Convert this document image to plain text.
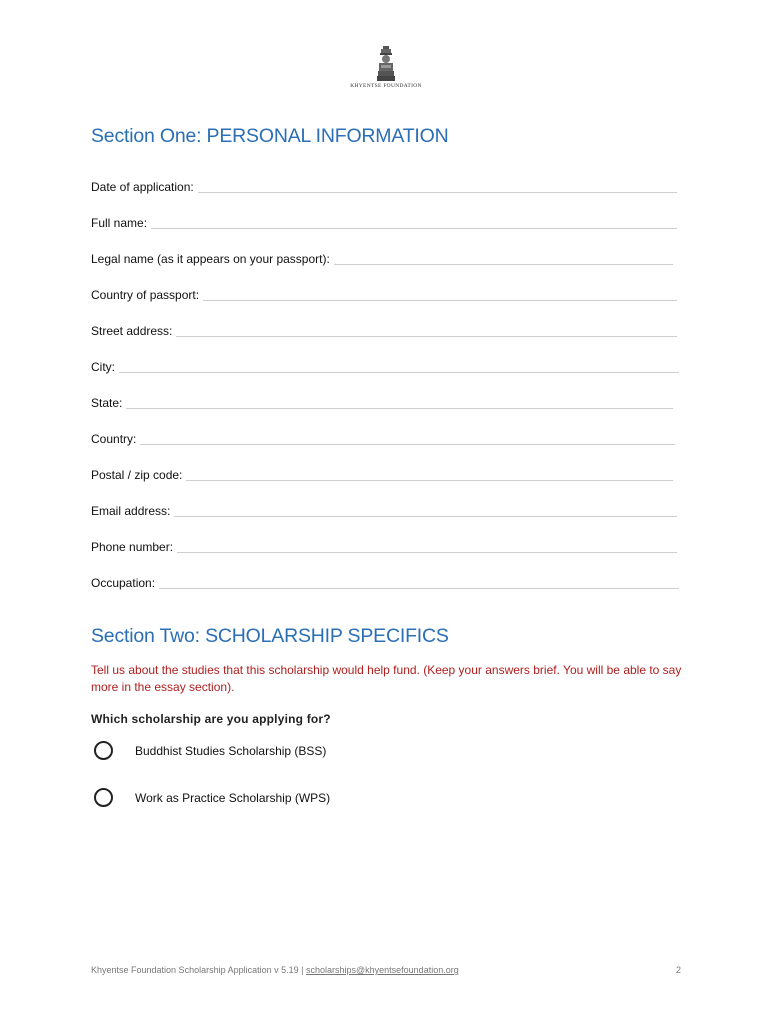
KHYENTSE FOUNDATION
Section One: PERSONAL INFORMATION
Date of application:
Full name:
Legal name (as it appears on your passport):
Country of passport:
Street address:
City:
State:
Country:
Postal / zip code:
Email address:
Phone number:
Occupation:
Section Two: SCHOLARSHIP SPECIFICS

Tell us about the studies that this scholarship would help fund. (Keep your answers brief. You will be able to say more in the essay section).

Which scholarship are you applying for?

Buddhist Studies Scholarship (BSS)
Work as Practice Scholarship (WPS)
Khyentse Foundation Scholarship Application v 5.19 | scholarships@khyentsefoundation.org	2
